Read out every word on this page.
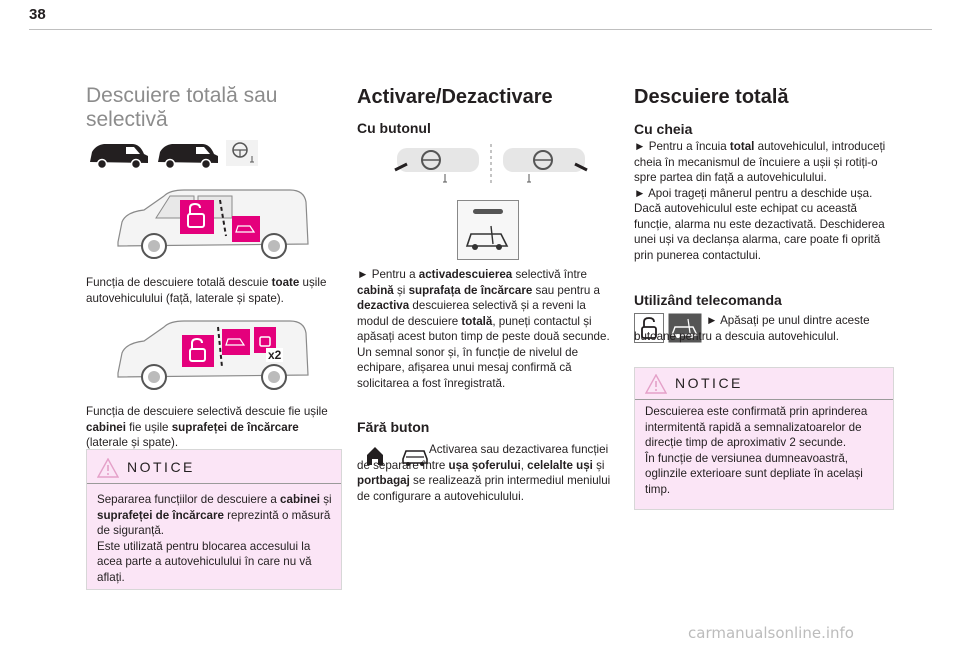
38
Descuiere totală sau
selectivă

Funcția de descuiere totală descuie toate ușile autovehiculului (față, laterale și spate).

x2

Funcția de descuiere selectivă descuie fie ușile cabinei fie ușile suprafeței de încărcare (laterale și spate).

NOTICE

Separarea funcțiilor de descuiere a cabinei și suprafeței de încărcare reprezintă o măsură de siguranță.
Este utilizată pentru blocarea accesului la acea parte a autovehiculului în care nu vă aflați.

Activare/Dezactivare
Cu butonul

► Pentru a activadescuierea selectivă între cabină și suprafața de încărcare sau pentru a dezactiva descuierea selectivă și a reveni la modul de descuiere totală, puneți contactul și apăsați acest buton timp de peste două secunde.
Un semnal sonor și, în funcție de nivelul de echipare, afișarea unui mesaj confirmă că solicitarea a fost înregistrată.

Fără buton

Activarea sau dezactivarea funcției de separare între ușa șoferului, celelalte uși și portbagaj se realizează prin intermediul meniului de configurare a autovehiculului.

Descuiere totală
Cu cheia

► Pentru a încuia total autovehiculul, introduceți cheia în mecanismul de încuiere a ușii și rotiți-o spre partea din față a autovehiculului.
► Apoi trageți mânerul pentru a deschide ușa.
Dacă autovehiculul este echipat cu această funcție, alarma nu este dezactivată. Deschiderea unei uși va declanșa alarma, care poate fi oprită prin punerea contactului.

Utilizând telecomanda

► Apăsați pe unul dintre aceste butoane pentru a descuia autovehiculul.

NOTICE

Descuierea este confirmată prin aprinderea intermitentă rapidă a semnalizatoarelor de direcție timp de aproximativ 2 secunde.
În funcție de versiunea dumneavoastră, oglinzile exterioare sunt depliate în același timp.

carmanualsonline.info
